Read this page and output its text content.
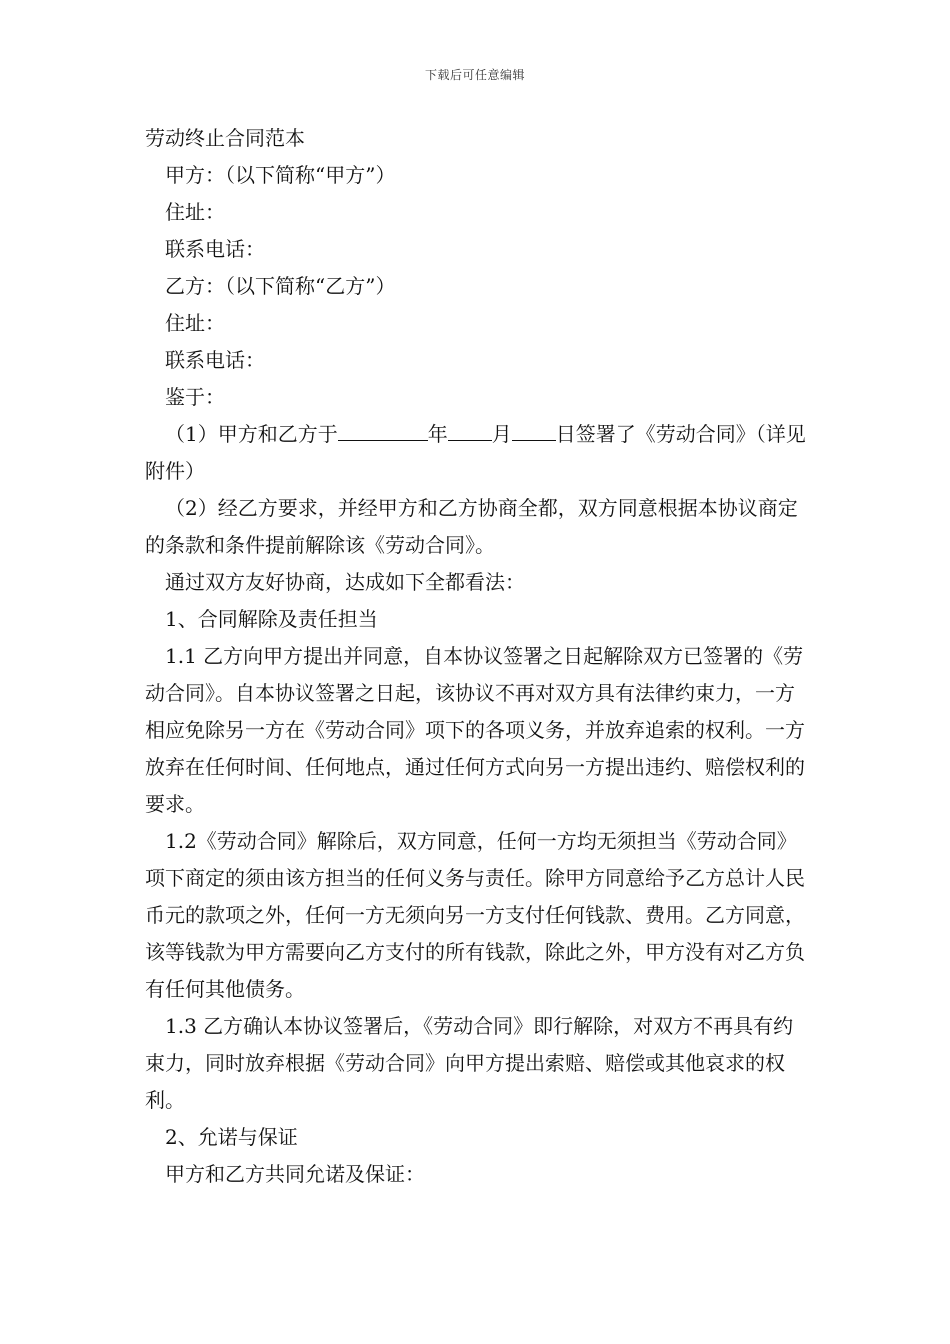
下载后可任意编辑

劳动终止合同范本

甲方：（以下简称“甲方”）

住址：

联系电话：

乙方：（以下简称“乙方”）

住址：

联系电话：

鉴于：

（1）甲方和乙方于	年 月 日签署了《劳动合同》（详见附件）

（2）经乙方要求，并经甲方和乙方协商全都，双方同意根据本协议商定的条款和条件提前解除该《劳动合同》。

通过双方友好协商，达成如下全都看法：

1、合同解除及责任担当

1.1 乙方向甲方提出并同意，自本协议签署之日起解除双方已签署的《劳动合同》。自本协议签署之日起，该协议不再对双方具有法律约束力，一方相应免除另一方在《劳动合同》项下的各项义务，并放弃追索的权利。一方放弃在任何时间、任何地点，通过任何方式向另一方提出违约、赔偿权利的要求。

1.2《劳动合同》解除后，双方同意，任何一方均无须担当《劳动合同》项下商定的须由该方担当的任何义务与责任。除甲方同意给予乙方总计人民币元的款项之外，任何一方无须向另一方支付任何钱款、费用。乙方同意，该等钱款为甲方需要向乙方支付的所有钱款，除此之外，甲方没有对乙方负有任何其他债务。

1.3 乙方确认本协议签署后，《劳动合同》即行解除，对双方不再具有约束力，同时放弃根据《劳动合同》向甲方提出索赔、赔偿或其他哀求的权利。

2、允诺与保证

甲方和乙方共同允诺及保证：
